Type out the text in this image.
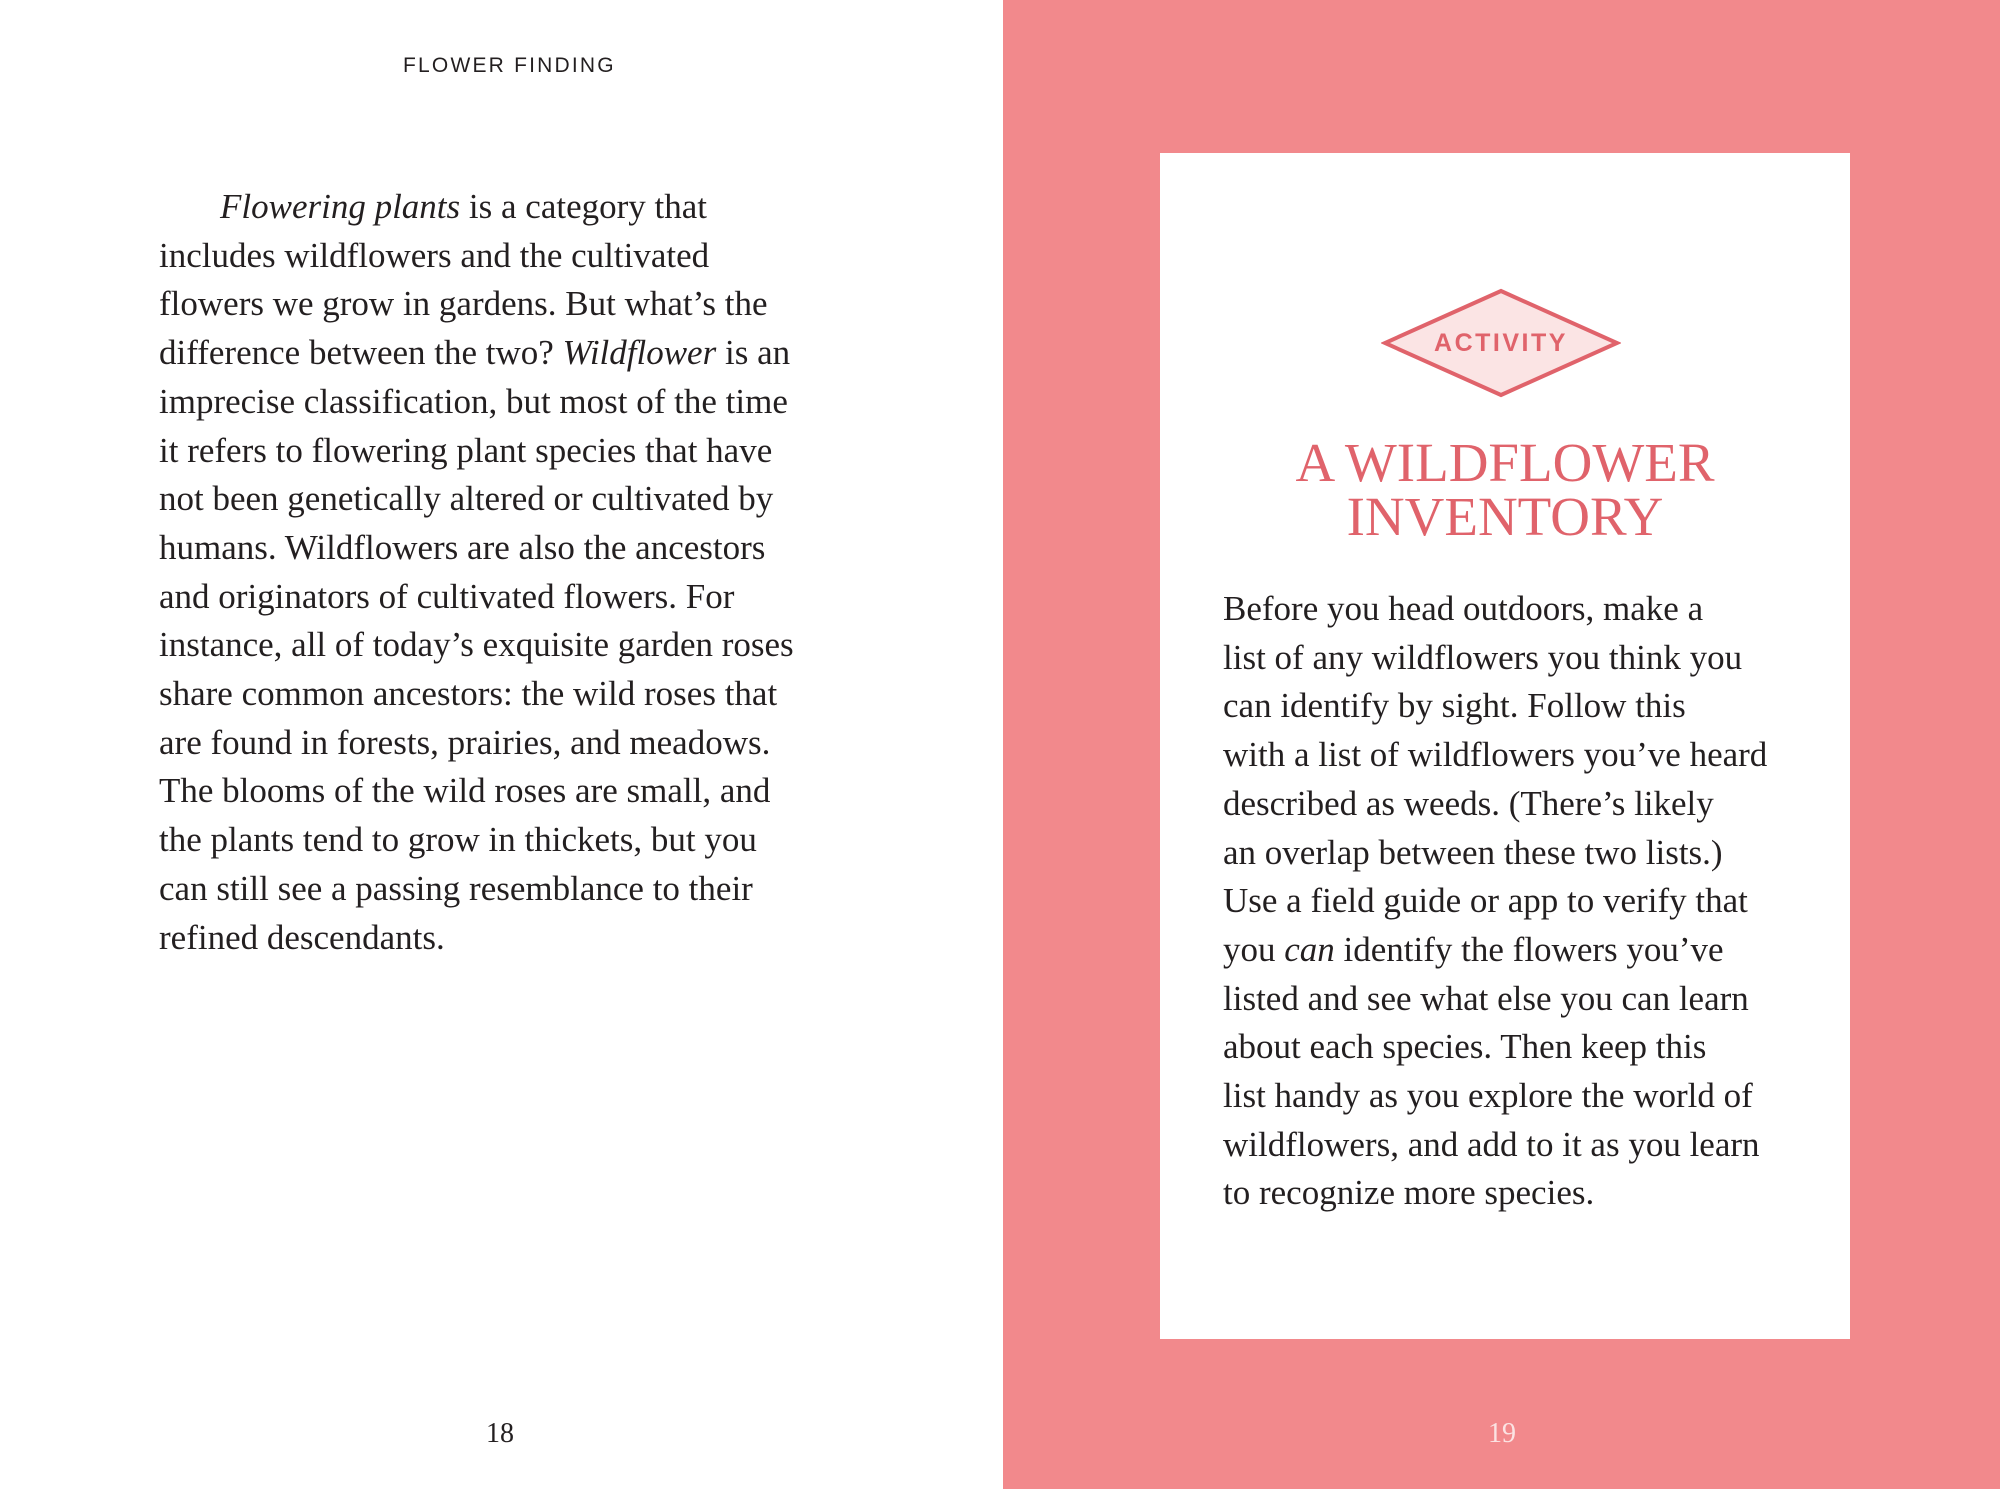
FLOWER FINDING
Flowering plants is a category that
includes wildflowers and the cultivated
flowers we grow in gardens. But what’s the
difference between the two? Wildflower is an
imprecise classification, but most of the time
it refers to flowering plant species that have
not been genetically altered or cultivated by
humans. Wildflowers are also the ancestors
and originators of cultivated flowers. For
instance, all of today’s exquisite garden roses
share common ancestors: the wild roses that
are found in forests, prairies, and meadows.
The blooms of the wild roses are small, and
the plants tend to grow in thickets, but you
can still see a passing resemblance to their
refined descendants.
18	19
ACTIVITY
A WILDFLOWER
INVENTORY
Before you head outdoors, make a
list of any wildflowers you think you
can identify by sight. Follow this
with a list of wildflowers you’ve heard
described as weeds. (There’s likely
an overlap between these two lists.)
Use a field guide or app to verify that
you can identify the flowers you’ve
listed and see what else you can learn
about each species. Then keep this
list handy as you explore the world of
wildflowers, and add to it as you learn
to recognize more species.
